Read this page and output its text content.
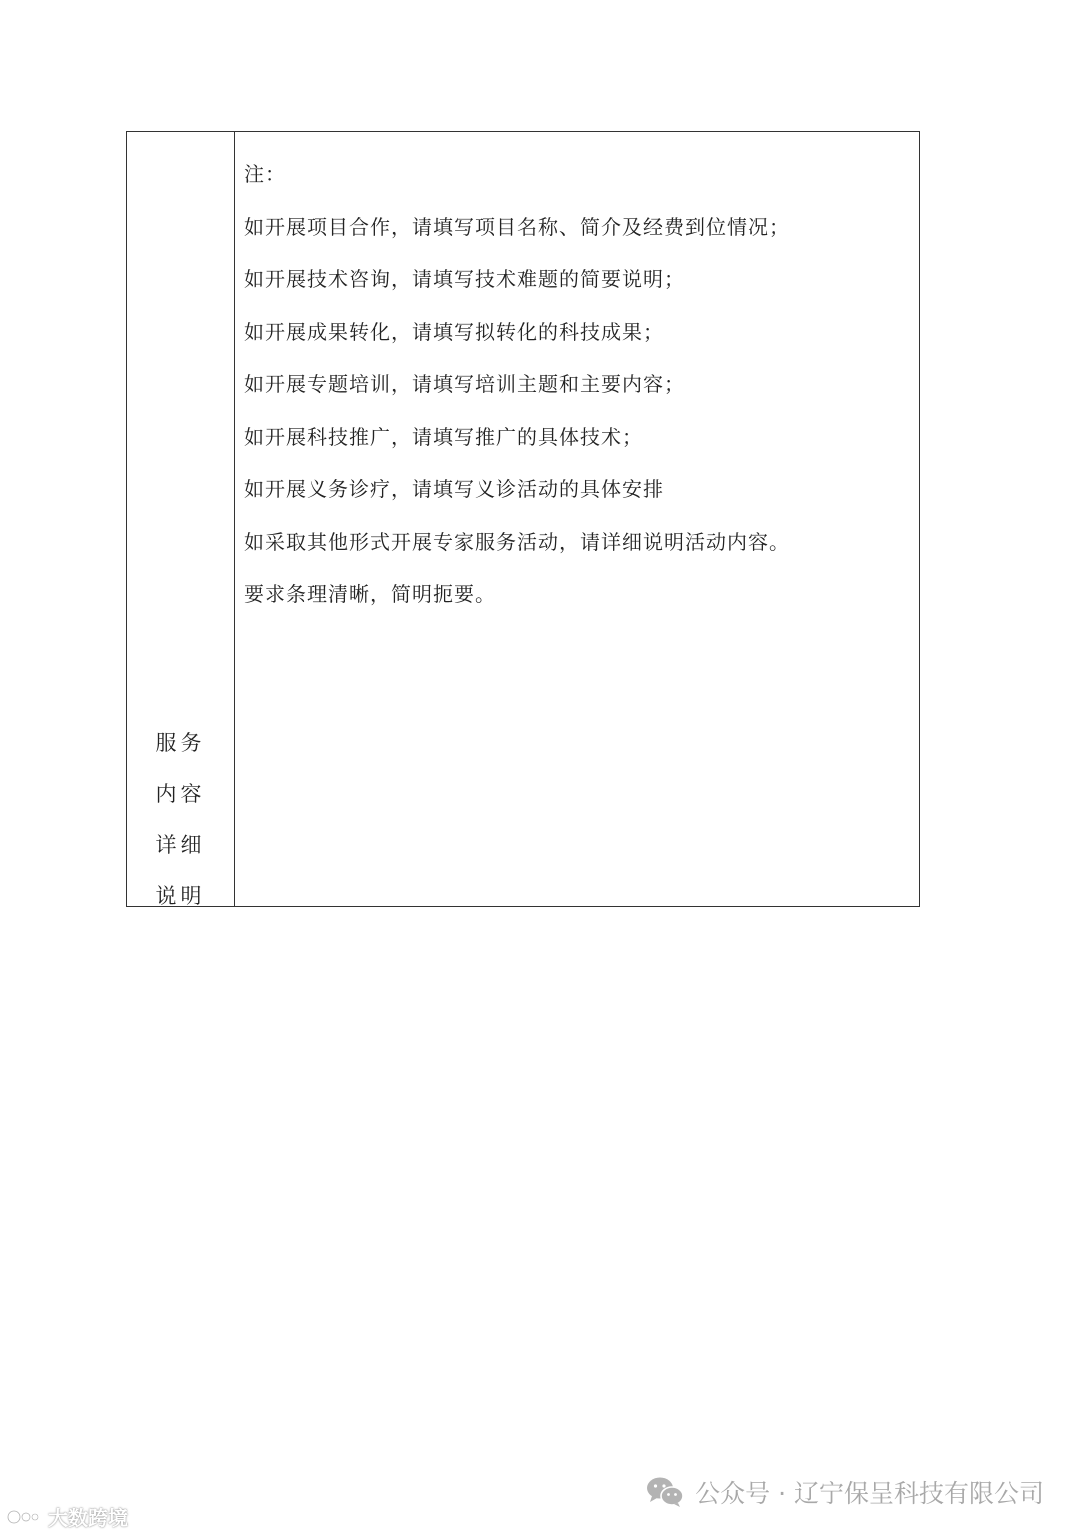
服务
内容
详细
说明
注：
如开展项目合作，请填写项目名称、简介及经费到位情况；
如开展技术咨询，请填写技术难题的简要说明；
如开展成果转化，请填写拟转化的科技成果；
如开展专题培训，请填写培训主题和主要内容；
如开展科技推广，请填写推广的具体技术；
如开展义务诊疗，请填写义诊活动的具体安排
如采取其他形式开展专家服务活动，请详细说明活动内容。
要求条理清晰，简明扼要。
大数跨境
公众号 · 辽宁保呈科技有限公司
